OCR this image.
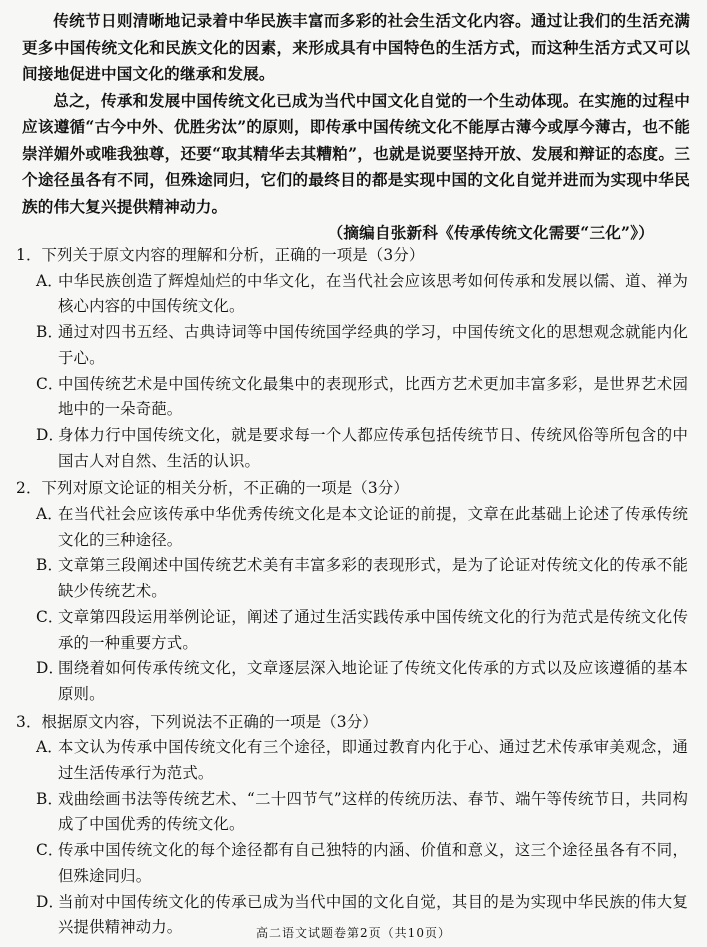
传统节日则清晰地记录着中华民族丰富而多彩的社会生活文化内容。通过让我们的生活充满更多中国传统文化和民族文化的因素，来形成具有中国特色的生活方式，而这种生活方式又可以间接地促进中国文化的继承和发展。

总之，传承和发展中国传统文化已成为当代中国文化自觉的一个生动体现。在实施的过程中应该遵循“古今中外、优胜劣汰”的原则，即传承中国传统文化不能厚古薄今或厚今薄古，也不能崇洋媚外或唯我独尊，还要“取其精华去其糟粕”，也就是说要坚持开放、发展和辩证的态度。三个途径虽各有不同，但殊途同归，它们的最终目的都是实现中国的文化自觉并进而为实现中华民族的伟大复兴提供精神动力。

（摘编自张新科《传承传统文化需要“三化”》）

1．下列关于原文内容的理解和分析，正确的一项是（3分）

A．
中华民族创造了辉煌灿烂的中华文化，在当代社会应该思考如何传承和发展以儒、道、禅为核心内容的中国传统文化。
B．
通过对四书五经、古典诗词等中国传统国学经典的学习，中国传统文化的思想观念就能内化于心。
C．
中国传统艺术是中国传统文化最集中的表现形式，比西方艺术更加丰富多彩，是世界艺术园地中的一朵奇葩。
D．
身体力行中国传统文化，就是要求每一个人都应传承包括传统节日、传统风俗等所包含的中国古人对自然、生活的认识。

2．下列对原文论证的相关分析，不正确的一项是（3分）

A．
在当代社会应该传承中华优秀传统文化是本文论证的前提，文章在此基础上论述了传承传统文化的三种途径。
B．
文章第三段阐述中国传统艺术美有丰富多彩的表现形式，是为了论证对传统文化的传承不能缺少传统艺术。
C．
文章第四段运用举例论证，阐述了通过生活实践传承中国传统文化的行为范式是传统文化传承的一种重要方式。
D．
围绕着如何传承传统文化，文章逐层深入地论证了传统文化传承的方式以及应该遵循的基本原则。

3．根据原文内容，下列说法不正确的一项是（3分）

A．
本文认为传承中国传统文化有三个途径，即通过教育内化于心、通过艺术传承审美观念，通过生活传承行为范式。
B．
戏曲绘画书法等传统艺术、“二十四节气”这样的传统历法、春节、端午等传统节日，共同构成了中国优秀的传统文化。
C．
传承中国传统文化的每个途径都有自己独特的内涵、价值和意义，这三个途径虽各有不同，但殊途同归。
D．
当前对中国传统文化的传承已成为当代中国的文化自觉，其目的是为实现中华民族的伟大复兴提供精神动力。	高二语文试题卷第2页（共10页）
